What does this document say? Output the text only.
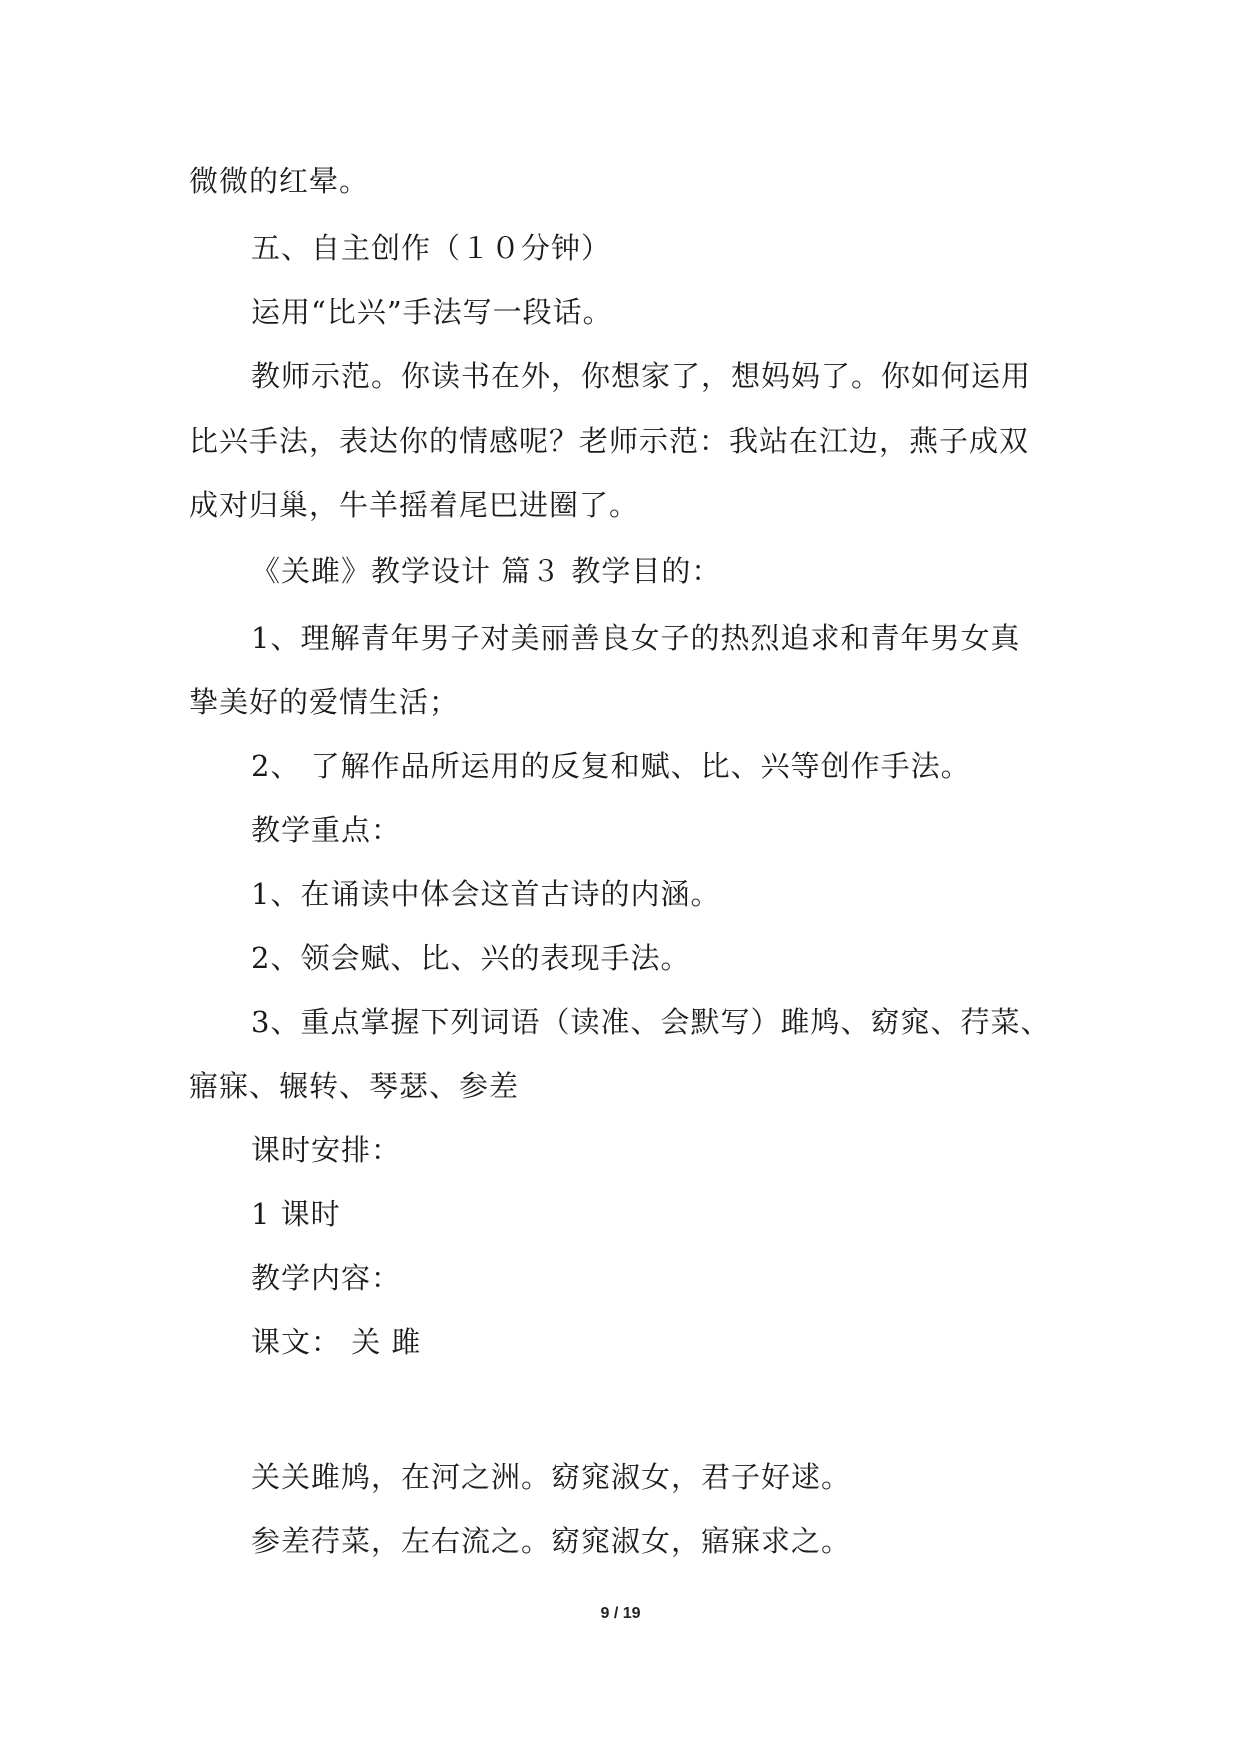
微微的红晕。
五、自主创作（１０分钟）
运用“比兴”手法写一段话。
教师示范。你读书在外，你想家了，想妈妈了。你如何运用
比兴手法，表达你的情感呢？老师示范：我站在江边，燕子成双
成对归巢，牛羊摇着尾巴进圈了。
《关雎》教学设计 篇３ 教学目的：
1、理解青年男子对美丽善良女子的热烈追求和青年男女真
挚美好的爱情生活；
2、 了解作品所运用的反复和赋、比、兴等创作手法。
教学重点：
1、在诵读中体会这首古诗的内涵。
2、领会赋、比、兴的表现手法。
3、重点掌握下列词语（读准、会默写）雎鸠、窈窕、荇菜、
寤寐、辗转、琴瑟、参差
课时安排：
1 课时
教学内容：
课文： 关 雎
关关雎鸠，在河之洲。窈窕淑女，君子好逑。
参差荇菜，左右流之。窈窕淑女，寤寐求之。
9 / 19
